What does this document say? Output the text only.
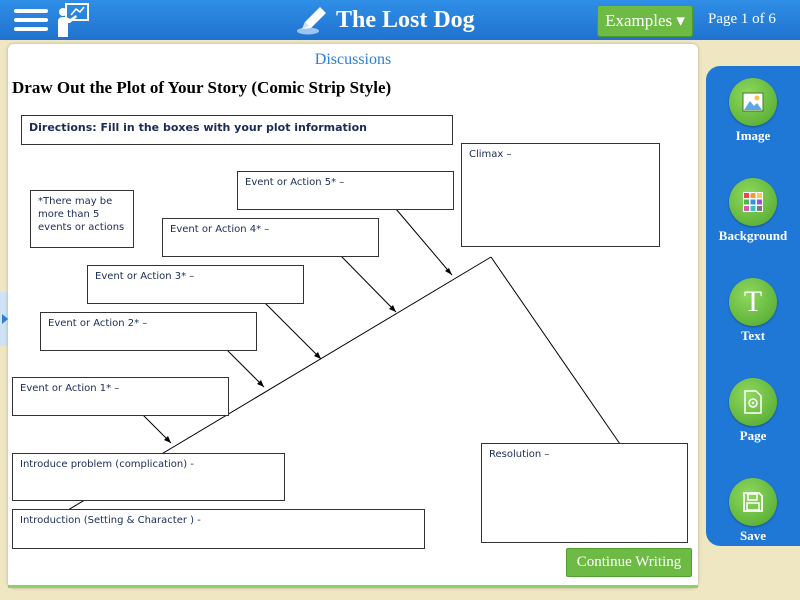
The Lost Dog	Examples ▾	Page 1 of 6
Discussions
Draw Out the Plot of Your Story (Comic Strip Style)
Directions: Fill in the boxes with your plot information
Climax –
Event or Action 5* –
*There may be more than 5 events or actions	Event or Action 4* –
Event or Action 3* –
Event or Action 2* –
Event or Action 1* –
Resolution –
Introduce problem (complication) -
Introduction (Setting & Character ) -
Continue Writing
Image
Background
T
Text
Page
Save
